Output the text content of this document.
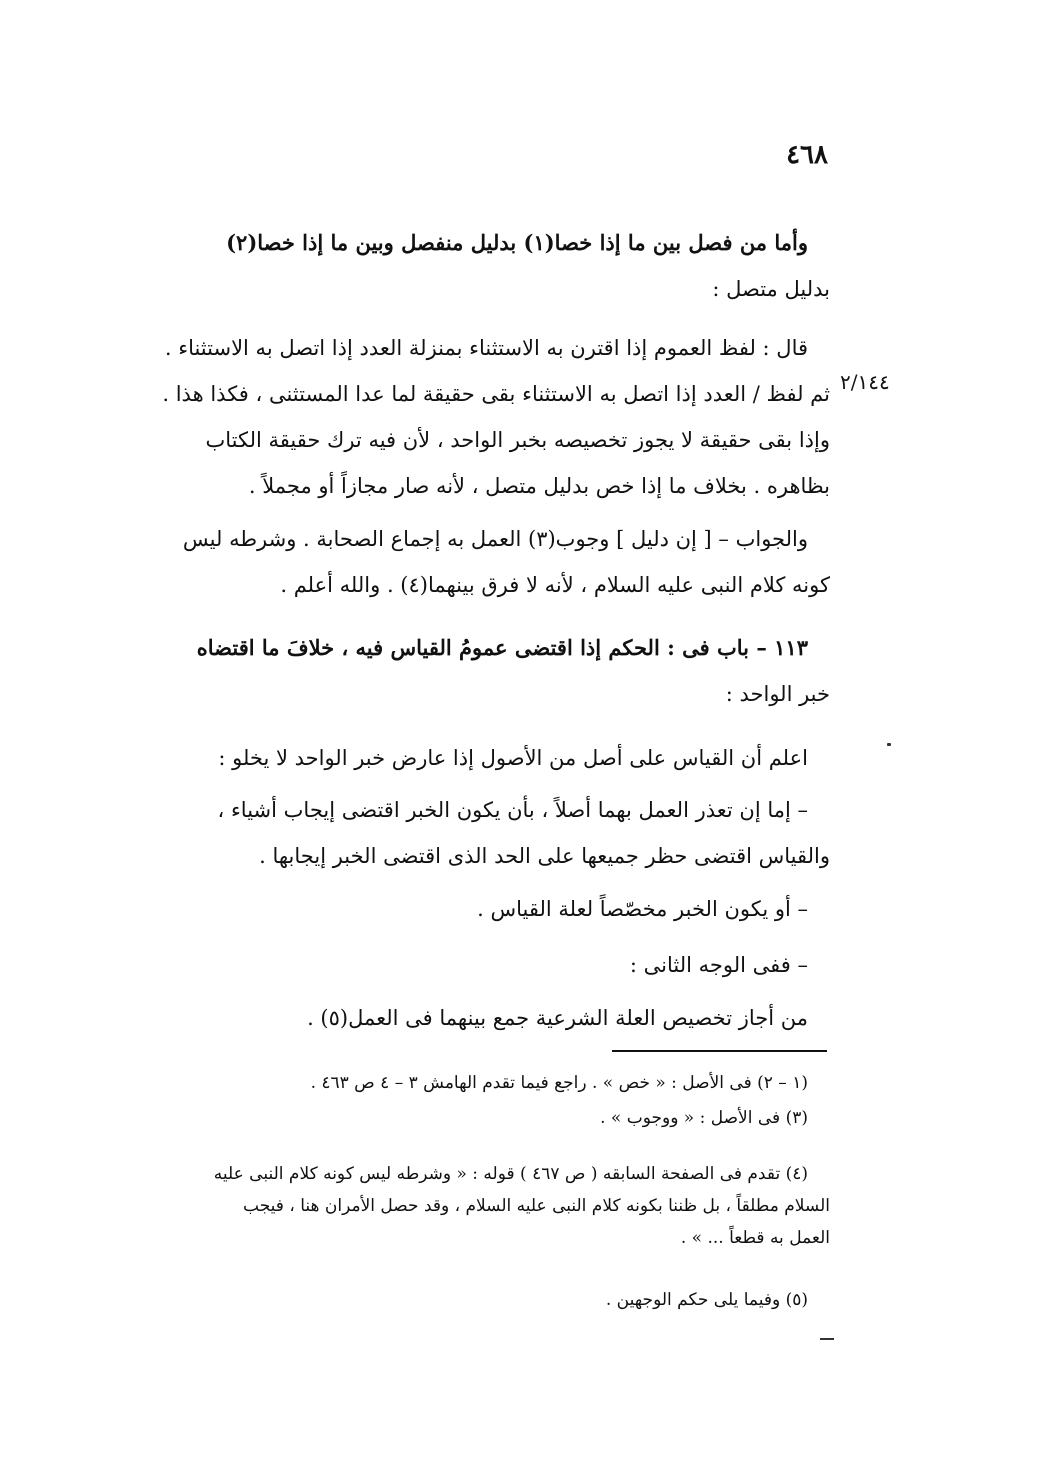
٤٦٨
٢/١٤٤

وأما من فصل بين ما إذا خصا(١) بدليل منفصل وبين ما إذا خصا(٢)

بدليل متصل :

قال : لفظ العموم إذا اقترن به الاستثناء بمنزلة العدد إذا اتصل به الاستثناء .

ثم لفظ / العدد إذا اتصل به الاستثناء بقى حقيقة لما عدا المستثنى ، فكذا هذا .

وإذا بقى حقيقة لا يجوز تخصيصه بخبر الواحد ، لأن فيه ترك حقيقة الكتاب

بظاهره . بخلاف ما إذا خص بدليل متصل ، لأنه صار مجازاً أو مجملاً .

والجواب – [ إن دليل ] وجوب(٣) العمل به إجماع الصحابة . وشرطه ليس

كونه كلام النبى عليه السلام ، لأنه لا فرق بينهما(٤) . والله أعلم .

١١٣ – باب فى : الحكم إذا اقتضى عمومُ القياس فيه ، خلافَ ما اقتضاه

خبر الواحد :

اعلم أن القياس على أصل من الأصول إذا عارض خبر الواحد لا يخلو :

– إما إن تعذر العمل بهما أصلاً ، بأن يكون الخبر اقتضى إيجاب أشياء ،

والقياس اقتضى حظر جميعها على الحد الذى اقتضى الخبر إيجابها .

– أو يكون الخبر مخصّصاً لعلة القياس .

– ففى الوجه الثانى :

من أجاز تخصيص العلة الشرعية جمع بينهما فى العمل(٥) .

(١ – ٢) فى الأصل : « خص » . راجع فيما تقدم الهامش ٣ – ٤ ص ٤٦٣ .

(٣) فى الأصل : « ووجوب » .

(٤) تقدم فى الصفحة السابقه ( ص ٤٦٧ ) قوله : « وشرطه ليس كونه كلام النبى عليه

السلام مطلقاً ، بل ظننا بكونه كلام النبى عليه السلام ، وقد حصل الأمران هنا ، فيجب

العمل به قطعاً ... » .

(٥) وفيما يلى حكم الوجهين .
